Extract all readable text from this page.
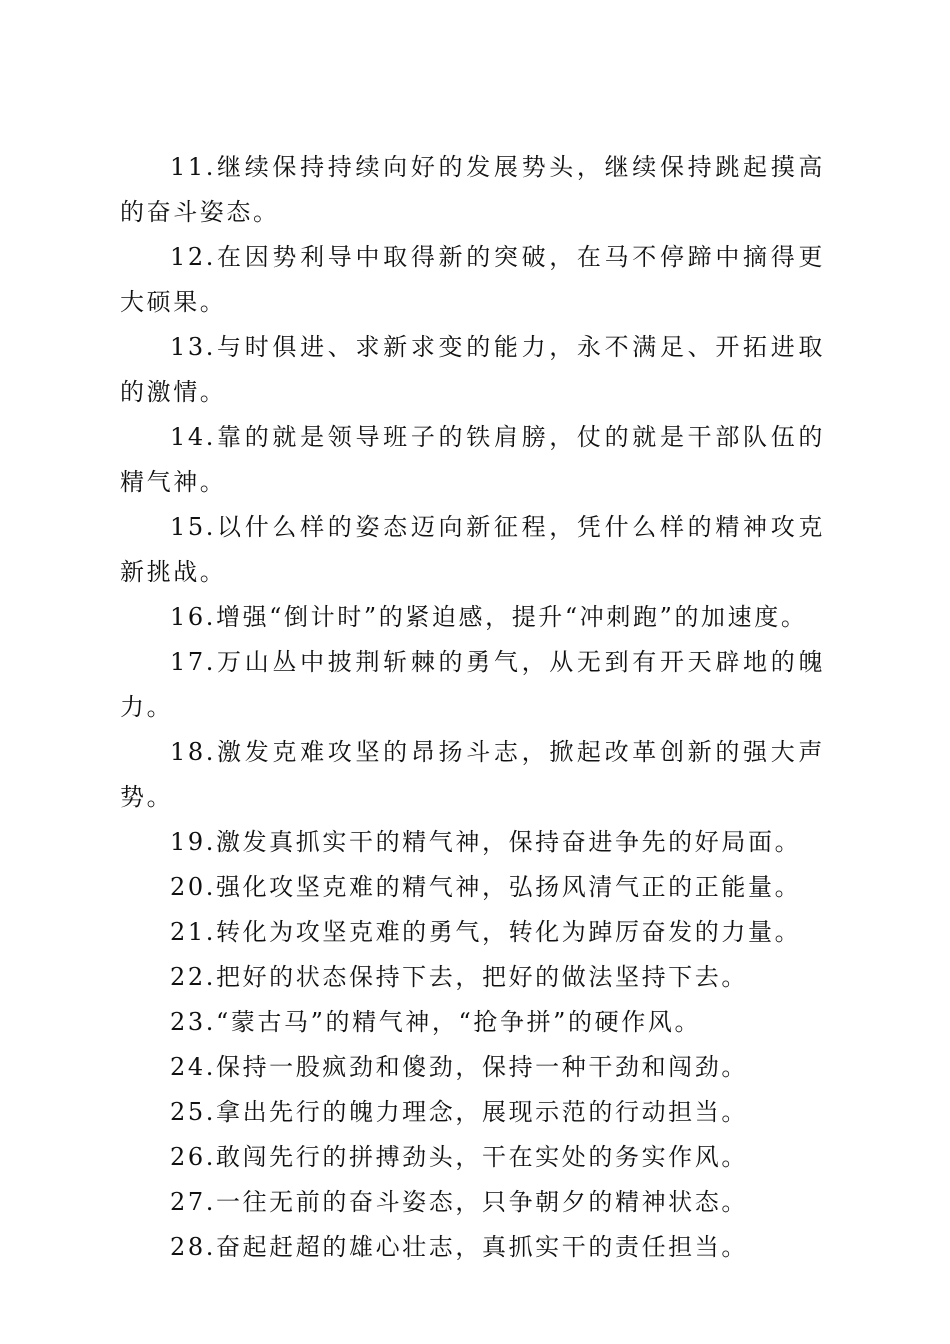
11.继续保持持续向好的发展势头，继续保持跳起摸高的奋斗姿态。

12.在因势利导中取得新的突破，在马不停蹄中摘得更大硕果。

13.与时俱进、求新求变的能力，永不满足、开拓进取的激情。

14.靠的就是领导班子的铁肩膀，仗的就是干部队伍的精气神。

15.以什么样的姿态迈向新征程，凭什么样的精神攻克新挑战。

16.增强“倒计时”的紧迫感，提升“冲刺跑”的加速度。

17.万山丛中披荆斩棘的勇气，从无到有开天辟地的魄力。

18.激发克难攻坚的昂扬斗志，掀起改革创新的强大声势。

19.激发真抓实干的精气神，保持奋进争先的好局面。

20.强化攻坚克难的精气神，弘扬风清气正的正能量。

21.转化为攻坚克难的勇气，转化为踔厉奋发的力量。

22.把好的状态保持下去，把好的做法坚持下去。

23.“蒙古马”的精气神，“抢争拼”的硬作风。

24.保持一股疯劲和傻劲，保持一种干劲和闯劲。

25.拿出先行的魄力理念，展现示范的行动担当。

26.敢闯先行的拼搏劲头，干在实处的务实作风。

27.一往无前的奋斗姿态，只争朝夕的精神状态。

28.奋起赶超的雄心壮志，真抓实干的责任担当。
